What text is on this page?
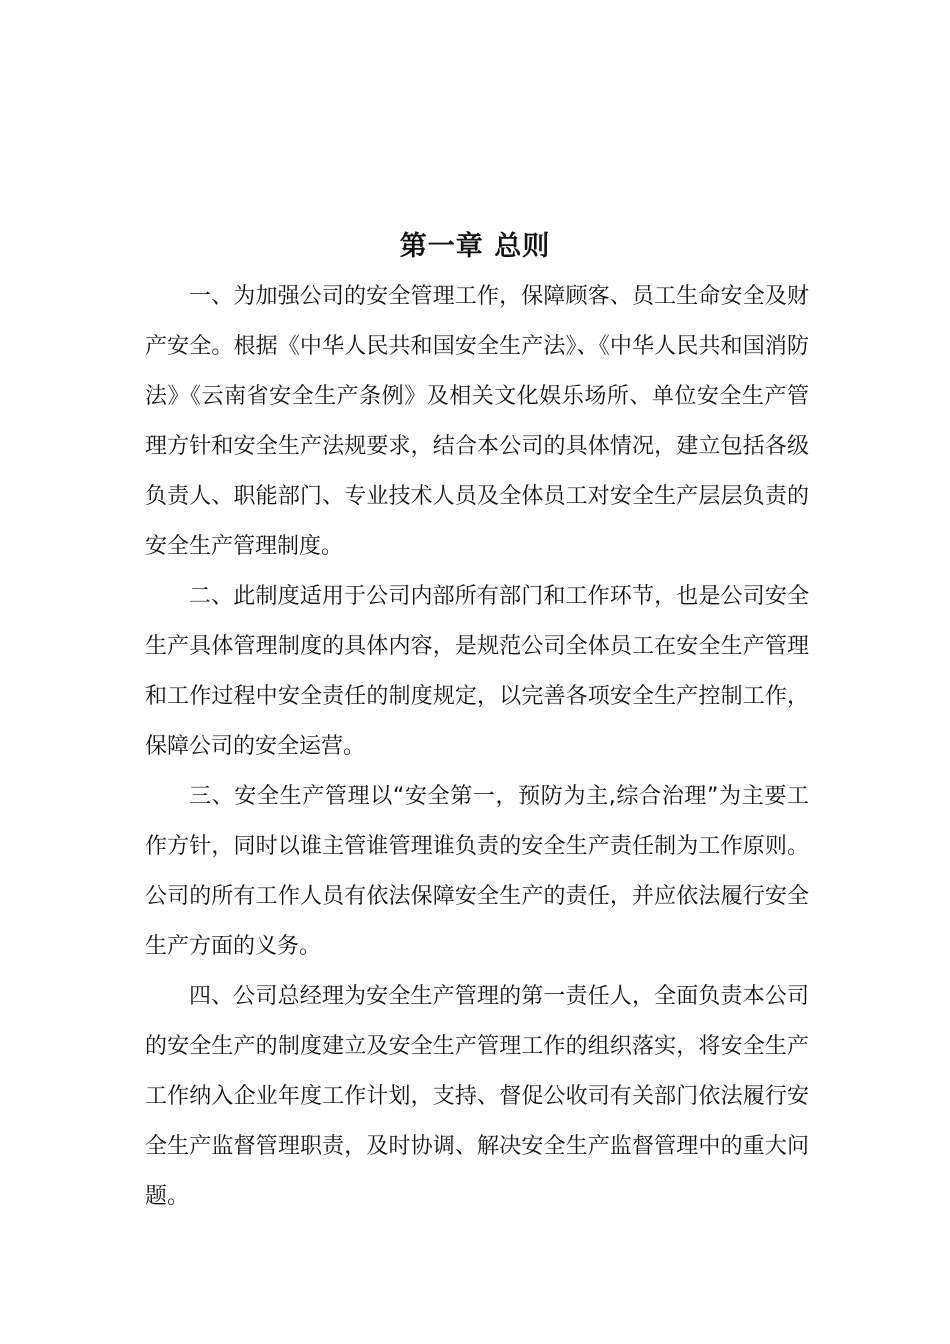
第一章 总则

一、为加强公司的安全管理工作，保障顾客、员工生命安全及财产安全。根据《中华人民共和国安全生产法》、《中华人民共和国消防法》《云南省安全生产条例》及相关文化娱乐场所、单位安全生产管理方针和安全生产法规要求，结合本公司的具体情况，建立包括各级负责人、职能部门、专业技术人员及全体员工对安全生产层层负责的安全生产管理制度。

二、此制度适用于公司内部所有部门和工作环节，也是公司安全生产具体管理制度的具体内容，是规范公司全体员工在安全生产管理和工作过程中安全责任的制度规定，以完善各项安全生产控制工作，保障公司的安全运营。

三、安全生产管理以“安全第一，预防为主,综合治理”为主要工作方针，同时以谁主管谁管理谁负责的安全生产责任制为工作原则。公司的所有工作人员有依法保障安全生产的责任，并应依法履行安全生产方面的义务。

四、公司总经理为安全生产管理的第一责任人，全面负责本公司的安全生产的制度建立及安全生产管理工作的组织落实，将安全生产工作纳入企业年度工作计划，支持、督促公收司有关部门依法履行安全生产监督管理职责，及时协调、解决安全生产监督管理中的重大问题。
